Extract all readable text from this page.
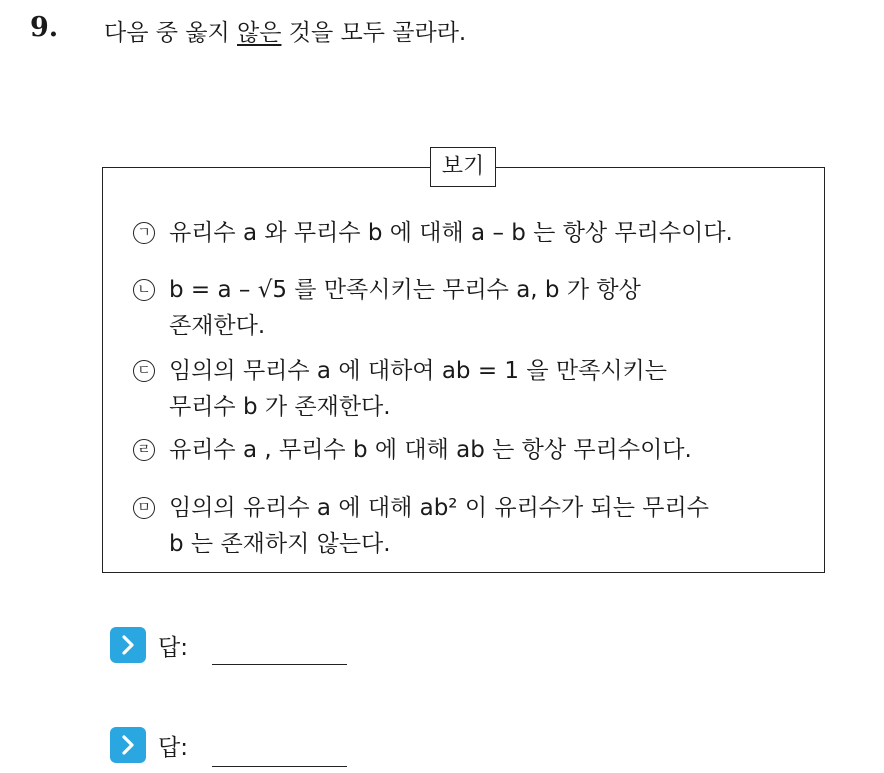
9. 다음 중 옳지 않은 것을 모두 골라라.
보기
ㄱ 유리수 a 와 무리수 b 에 대해 a – b 는 항상 무리수이다.
ㄴ b = a – √5 를 만족시키는 무리수 a, b 가 항상
존재한다.
ㄷ 임의의 무리수 a 에 대하여 ab = 1 을 만족시키는
무리수 b 가 존재한다.
ㄹ 유리수 a , 무리수 b 에 대해 ab 는 항상 무리수이다.
ㅁ 임의의 유리수 a 에 대해 ab² 이 유리수가 되는 무리수
b 는 존재하지 않는다.
답:
답:
